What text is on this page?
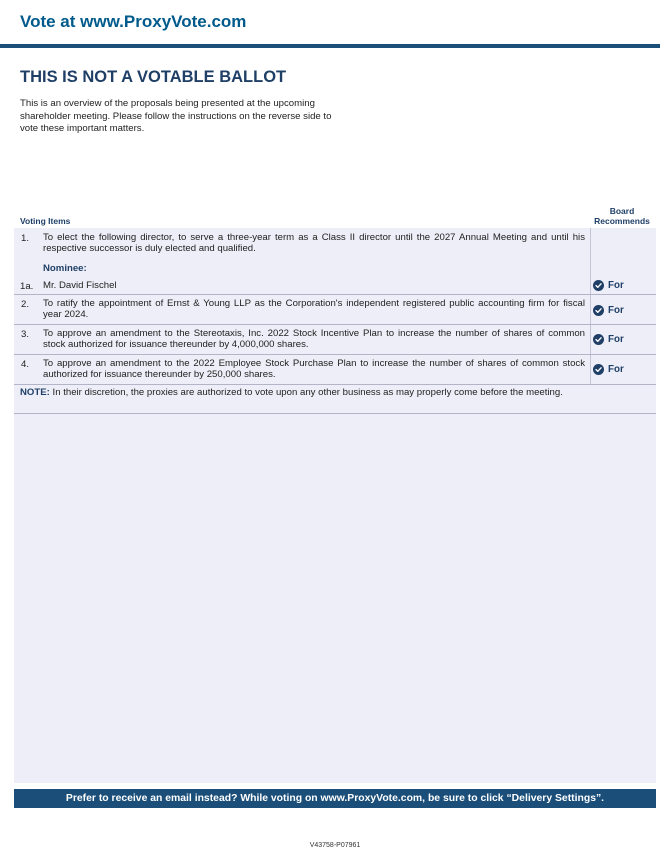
Vote at www.ProxyVote.com
THIS IS NOT A VOTABLE BALLOT
This is an overview of the proposals being presented at the upcoming shareholder meeting. Please follow the instructions on the reverse side to vote these important matters.
Voting Items
Board
Recommends
1. To elect the following director, to serve a three-year term as a Class II director until the 2027 Annual Meeting and until his respective successor is duly elected and qualified.
Nominee:
1a. Mr. David Fischel	For
2. To ratify the appointment of Ernst & Young LLP as the Corporation's independent registered public accounting firm for fiscal year 2024.	For
3. To approve an amendment to the Stereotaxis, Inc. 2022 Stock Incentive Plan to increase the number of shares of common stock authorized for issuance thereunder by 4,000,000 shares.	For
4. To approve an amendment to the 2022 Employee Stock Purchase Plan to increase the number of shares of common stock authorized for issuance thereunder by 250,000 shares.	For
NOTE: In their discretion, the proxies are authorized to vote upon any other business as may properly come before the meeting.
Prefer to receive an email instead? While voting on www.ProxyVote.com, be sure to click “Delivery Settings”.
V43758-P07961
